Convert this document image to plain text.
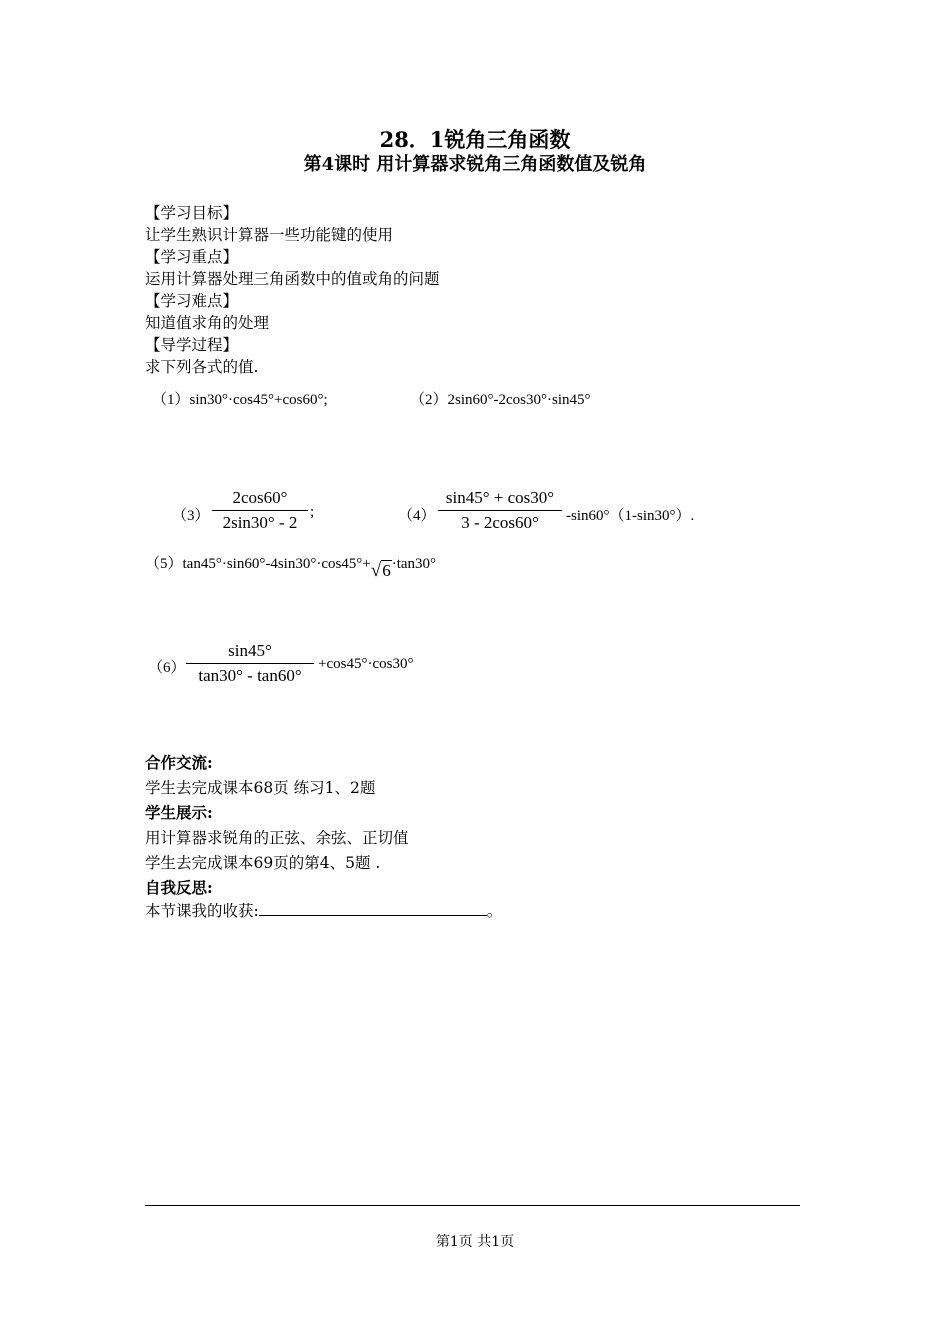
28．1锐角三角函数
第4课时 用计算器求锐角三角函数值及锐角
【学习目标】
让学生熟识计算器一些功能键的使用
【学习重点】
运用计算器处理三角函数中的值或角的问题
【学习难点】
知道值求角的处理
【导学过程】
求下列各式的值.
（1）sin30°·cos45°+cos60°;	（2）2sin60°-2cos30°·sin45°
（3）
2cos60°
2sin30° - 2
;	（4）
sin45° + cos30°
3 - 2cos60°	-sin60°（1-sin30°）.
（5）tan45°·sin60°-4sin30°·cos45°+√6·tan30°
（6）
sin45°
tan30° - tan60°
+cos45°·cos30°
合作交流:
学生去完成课本68页 练习1、2题
学生展示:
用计算器求锐角的正弦、余弦、正切值
学生去完成课本69页的第4、5题 .
自我反思:
本节课我的收获:	。
第1页 共1页
